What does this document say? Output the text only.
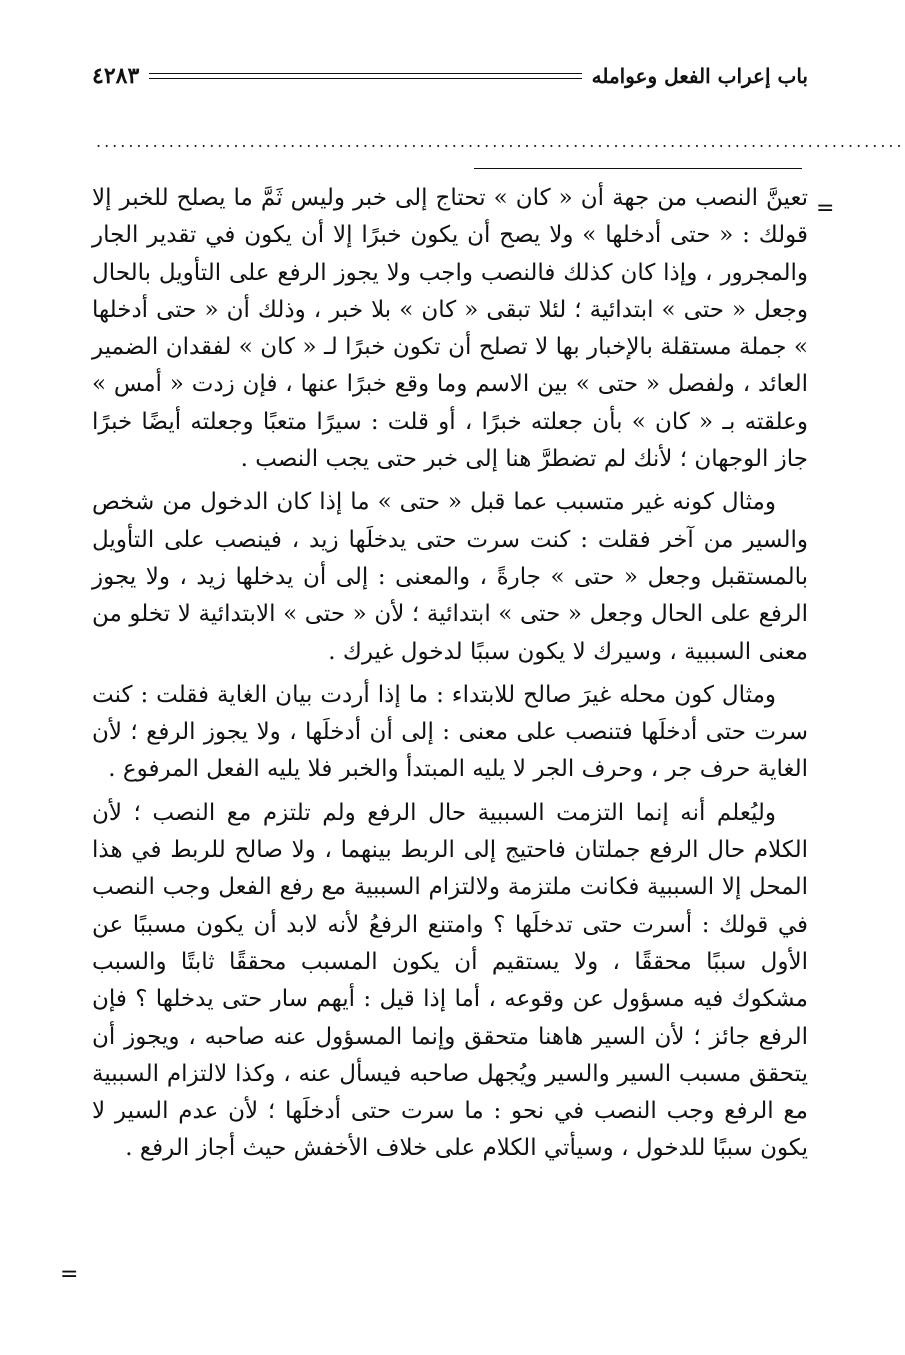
باب إعراب الفعل وعوامله
٤٢٨٣
....................................................................................................
=

تعينَّ النصب من جهة أن « كان » تحتاج إلى خبر وليس ثَمَّ ما يصلح للخبر إلا قولك : « حتى أدخلها » ولا يصح أن يكون خبرًا إلا أن يكون في تقدير الجار والمجرور ، وإذا كان كذلك فالنصب واجب ولا يجوز الرفع على التأويل بالحال وجعل « حتى » ابتدائية ؛ لئلا تبقى « كان » بلا خبر ، وذلك أن « حتى أدخلها » جملة مستقلة بالإخبار بها لا تصلح أن تكون خبرًا لـ « كان » لفقدان الضمير العائد ، ولفصل « حتى » بين الاسم وما وقع خبرًا عنها ، فإن زدت « أمس » وعلقته بـ « كان » بأن جعلته خبرًا ، أو قلت : سيرًا متعبًا وجعلته أيضًا خبرًا جاز الوجهان ؛ لأنك لم تضطرَّ هنا إلى خبر حتى يجب النصب .

ومثال كونه غير متسبب عما قبل « حتى » ما إذا كان الدخول من شخص والسير من آخر فقلت : كنت سرت حتى يدخلَها زيد ، فينصب على التأويل بالمستقبل وجعل « حتى » جارةً ، والمعنى : إلى أن يدخلها زيد ، ولا يجوز الرفع على الحال وجعل « حتى » ابتدائية ؛ لأن « حتى » الابتدائية لا تخلو من معنى السببية ، وسيرك لا يكون سببًا لدخول غيرك .

ومثال كون محله غيرَ صالح للابتداء : ما إذا أردت بيان الغاية فقلت : كنت سرت حتى أدخلَها فتنصب على معنى : إلى أن أدخلَها ، ولا يجوز الرفع ؛ لأن الغاية حرف جر ، وحرف الجر لا يليه المبتدأ والخبر فلا يليه الفعل المرفوع .

وليُعلم أنه إنما التزمت السببية حال الرفع ولم تلتزم مع النصب ؛ لأن الكلام حال الرفع جملتان فاحتيج إلى الربط بينهما ، ولا صالح للربط في هذا المحل إلا السببية فكانت ملتزمة ولالتزام السببية مع رفع الفعل وجب النصب في قولك : أسرت حتى تدخلَها ؟ وامتنع الرفعُ لأنه لابد أن يكون مسببًا عن الأول سببًا محققًا ، ولا يستقيم أن يكون المسبب محققًا ثابتًا والسبب مشكوك فيه مسؤول عن وقوعه ، أما إذا قيل : أيهم سار حتى يدخلها ؟ فإن الرفع جائز ؛ لأن السير هاهنا متحقق وإنما المسؤول عنه صاحبه ، ويجوز أن يتحقق مسبب السير والسير ويُجهل صاحبه فيسأل عنه ، وكذا لالتزام السببية مع الرفع وجب النصب في نحو : ما سرت حتى أدخلَها ؛ لأن عدم السير لا يكون سببًا للدخول ، وسيأتي الكلام على خلاف الأخفش حيث أجاز الرفع .

=
